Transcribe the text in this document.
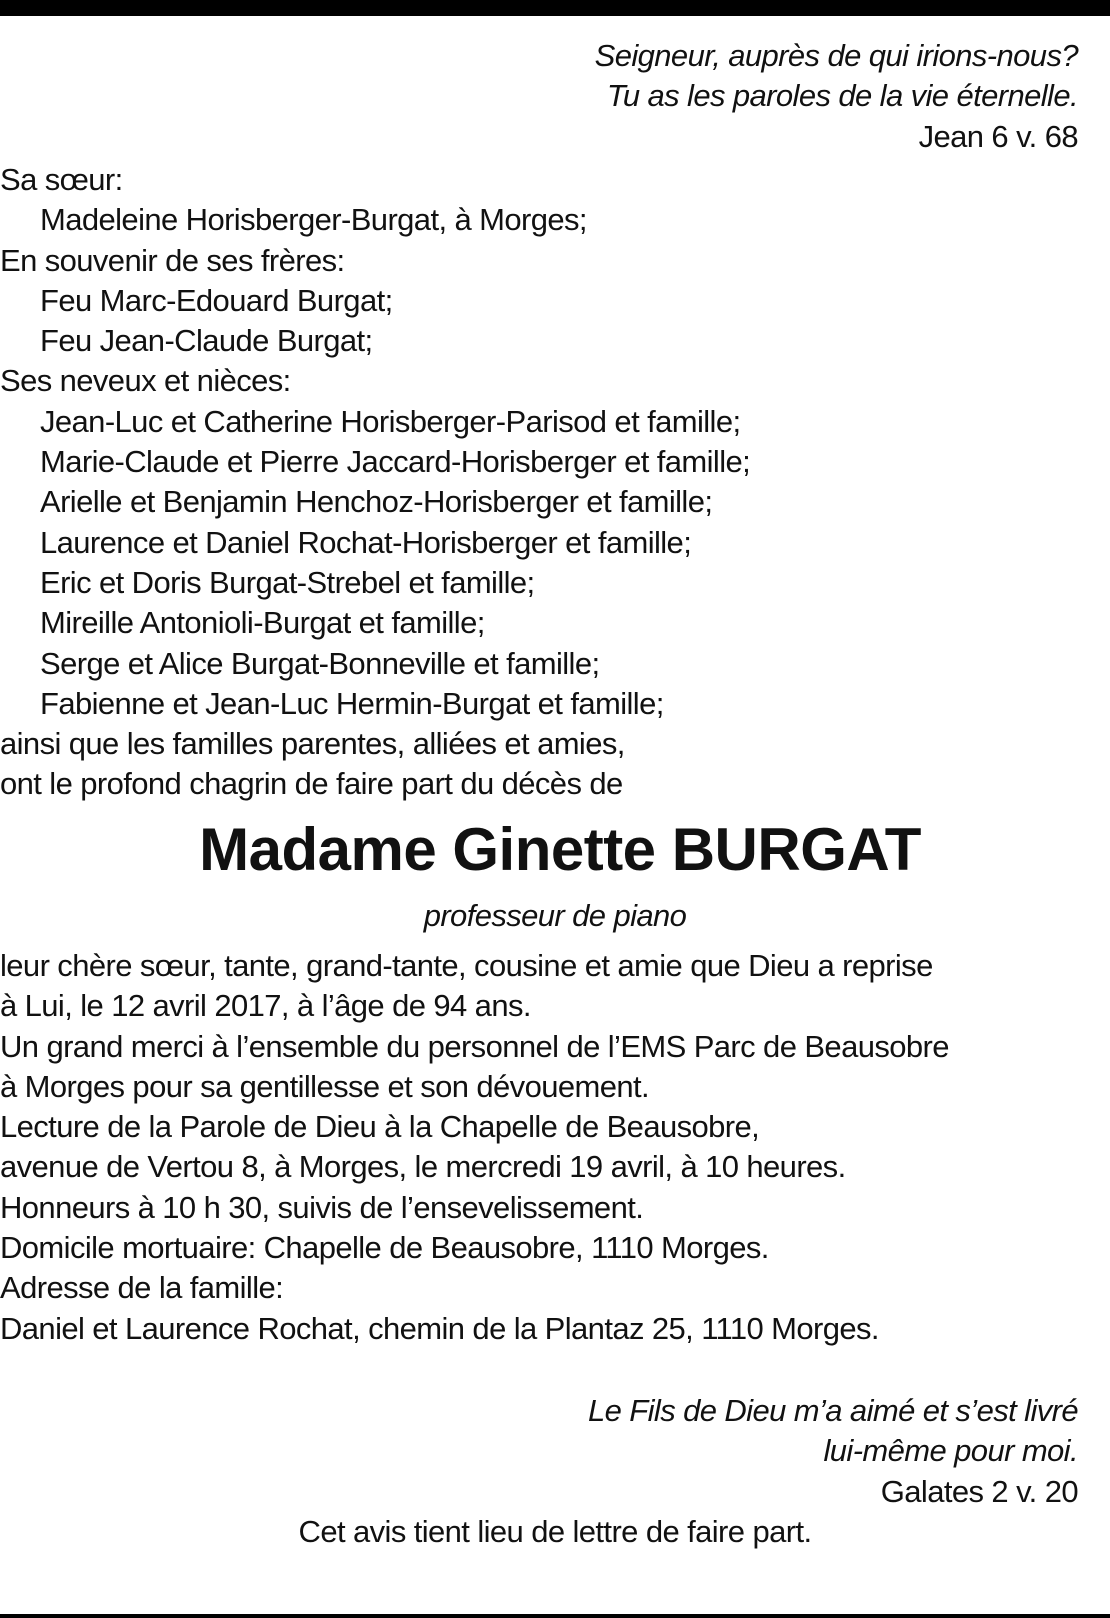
Seigneur, auprès de qui irions-nous?
Tu as les paroles de la vie éternelle.
Jean 6 v. 68
Sa sœur:
Madeleine Horisberger-Burgat, à Morges;
En souvenir de ses frères:
Feu Marc-Edouard Burgat;
Feu Jean-Claude Burgat;
Ses neveux et nièces:
Jean-Luc et Catherine Horisberger-Parisod et famille;
Marie-Claude et Pierre Jaccard-Horisberger et famille;
Arielle et Benjamin Henchoz-Horisberger et famille;
Laurence et Daniel Rochat-Horisberger et famille;
Eric et Doris Burgat-Strebel et famille;
Mireille Antonioli-Burgat et famille;
Serge et Alice Burgat-Bonneville et famille;
Fabienne et Jean-Luc Hermin-Burgat et famille;
ainsi que les familles parentes, alliées et amies,
ont le profond chagrin de faire part du décès de
Madame Ginette BURGAT
professeur de piano
leur chère sœur, tante, grand-tante, cousine et amie que Dieu a reprise
à Lui, le 12 avril 2017, à l’âge de 94 ans.
Un grand merci à l’ensemble du personnel de l’EMS Parc de Beausobre
à Morges pour sa gentillesse et son dévouement.
Lecture de la Parole de Dieu à la Chapelle de Beausobre,
avenue de Vertou 8, à Morges, le mercredi 19 avril, à 10 heures.
Honneurs à 10 h 30, suivis de l’ensevelissement.
Domicile mortuaire: Chapelle de Beausobre, 1110 Morges.
Adresse de la famille:
Daniel et Laurence Rochat, chemin de la Plantaz 25, 1110 Morges.
Le Fils de Dieu m’a aimé et s’est livré
lui-même pour moi.
Galates 2 v. 20
Cet avis tient lieu de lettre de faire part.
